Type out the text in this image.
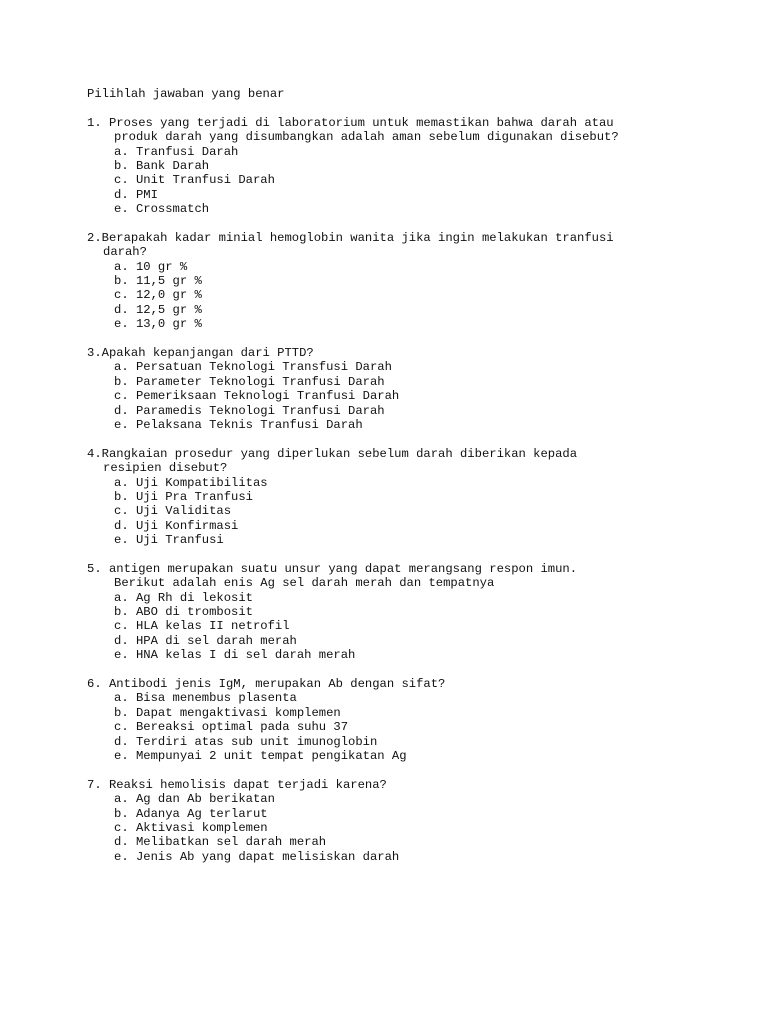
Pilihlah jawaban yang benar
1. Proses yang terjadi di laboratorium untuk memastikan bahwa darah atau
produk darah yang disumbangkan adalah aman sebelum digunakan disebut?
a. Tranfusi Darah
b. Bank Darah
c. Unit Tranfusi Darah
d. PMI
e. Crossmatch
2.Berapakah kadar minial hemoglobin wanita jika ingin melakukan tranfusi
darah?
a. 10 gr %
b. 11,5 gr %
c. 12,0 gr %
d. 12,5 gr %
e. 13,0 gr %
3.Apakah kepanjangan dari PTTD?
a. Persatuan Teknologi Transfusi Darah
b. Parameter Teknologi Tranfusi Darah
c. Pemeriksaan Teknologi Tranfusi Darah
d. Paramedis Teknologi Tranfusi Darah
e. Pelaksana Teknis Tranfusi Darah
4.Rangkaian prosedur yang diperlukan sebelum darah diberikan kepada
resipien disebut?
a. Uji Kompatibilitas
b. Uji Pra Tranfusi
c. Uji Validitas
d. Uji Konfirmasi
e. Uji Tranfusi
5. antigen merupakan suatu unsur yang dapat merangsang respon imun.
Berikut adalah enis Ag sel darah merah dan tempatnya
a. Ag Rh di lekosit
b. ABO di trombosit
c. HLA kelas II netrofil
d. HPA di sel darah merah
e. HNA kelas I di sel darah merah
6. Antibodi jenis IgM, merupakan Ab dengan sifat?
a. Bisa menembus plasenta
b. Dapat mengaktivasi komplemen
c. Bereaksi optimal pada suhu 37
d. Terdiri atas sub unit imunoglobin
e. Mempunyai 2 unit tempat pengikatan Ag
7. Reaksi hemolisis dapat terjadi karena?
a. Ag dan Ab berikatan
b. Adanya Ag terlarut
c. Aktivasi komplemen
d. Melibatkan sel darah merah
e. Jenis Ab yang dapat melisiskan darah
